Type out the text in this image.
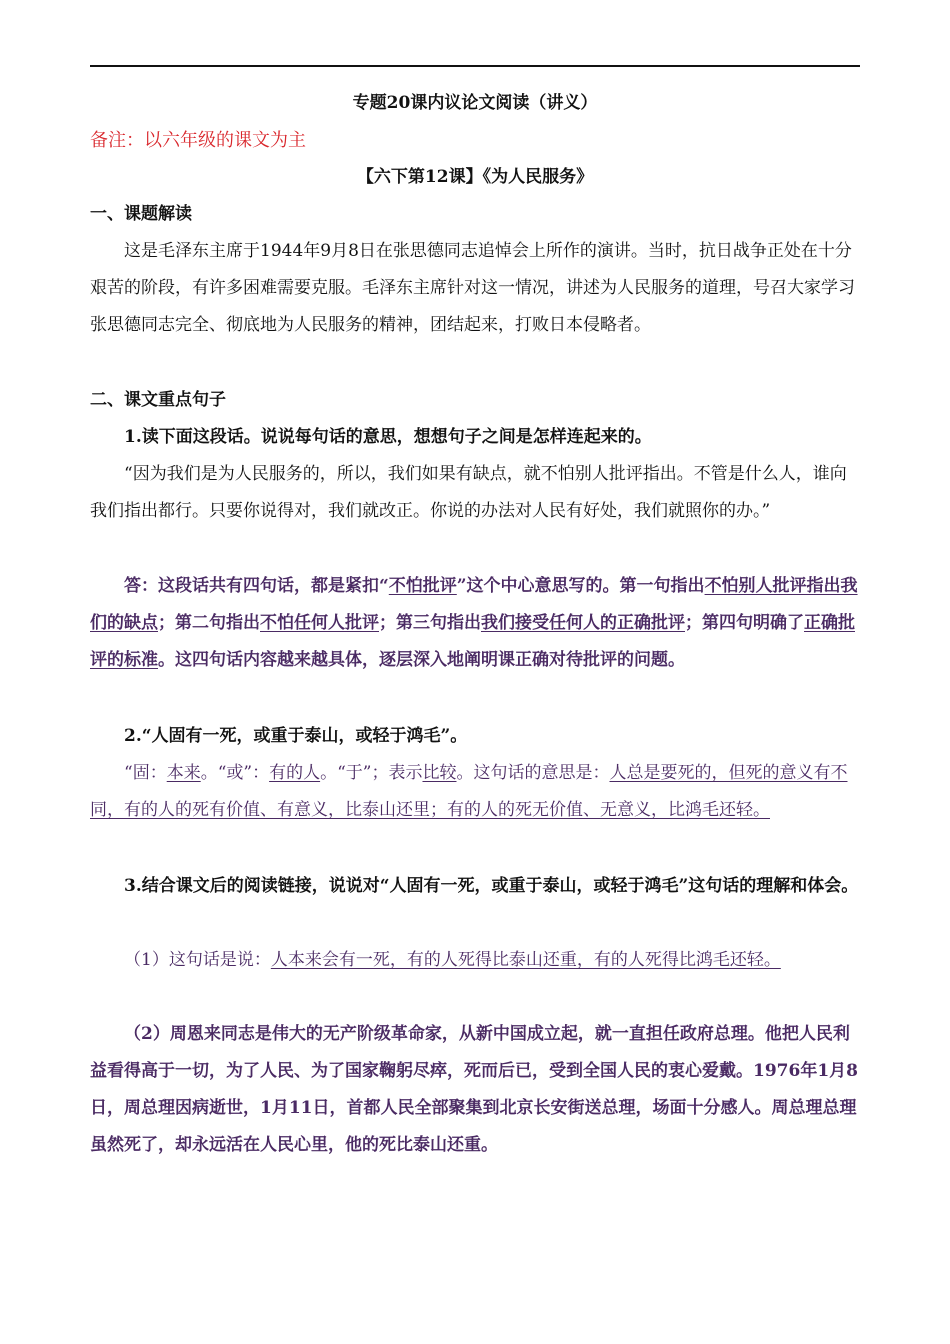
专题20课内议论文阅读（讲义）

备注：以六年级的课文为主

【六下第12课】《为人民服务》

一、课题解读

这是毛泽东主席于1944年9月8日在张思德同志追悼会上所作的演讲。当时，抗日战争正处在十分艰苦的阶段，有许多困难需要克服。毛泽东主席针对这一情况，讲述为人民服务的道理，号召大家学习张思德同志完全、彻底地为人民服务的精神，团结起来，打败日本侵略者。

二、课文重点句子

1.读下面这段话。说说每句话的意思，想想句子之间是怎样连起来的。

“因为我们是为人民服务的，所以，我们如果有缺点，就不怕别人批评指出。不管是什么人，谁向我们指出都行。只要你说得对，我们就改正。你说的办法对人民有好处，我们就照你的办。”

答：这段话共有四句话，都是紧扣“不怕批评”这个中心意思写的。第一句指出不怕别人批评指出我们的缺点；第二句指出不怕任何人批评；第三句指出我们接受任何人的正确批评；第四句明确了正确批评的标准。这四句话内容越来越具体，逐层深入地阐明课正确对待批评的问题。

2.“人固有一死，或重于泰山，或轻于鸿毛”。

“固：本来。“或”：有的人。“于”；表示比较。这句话的意思是：人总是要死的，但死的意义有不同，有的人的死有价值、有意义，比泰山还里；有的人的死无价值、无意义，比鸿毛还轻。

3.结合课文后的阅读链接，说说对“人固有一死，或重于泰山，或轻于鸿毛”这句话的理解和体会。

（1）这句话是说：人本来会有一死，有的人死得比泰山还重，有的人死得比鸿毛还轻。

（2）周恩来同志是伟大的无产阶级革命家，从新中国成立起，就一直担任政府总理。他把人民利益看得高于一切，为了人民、为了国家鞠躬尽瘁，死而后已，受到全国人民的衷心爱戴。1976年1月8日，周总理因病逝世，1月11日，首都人民全部聚集到北京长安街送总理，场面十分感人。周总理总理虽然死了，却永远活在人民心里，他的死比泰山还重。
